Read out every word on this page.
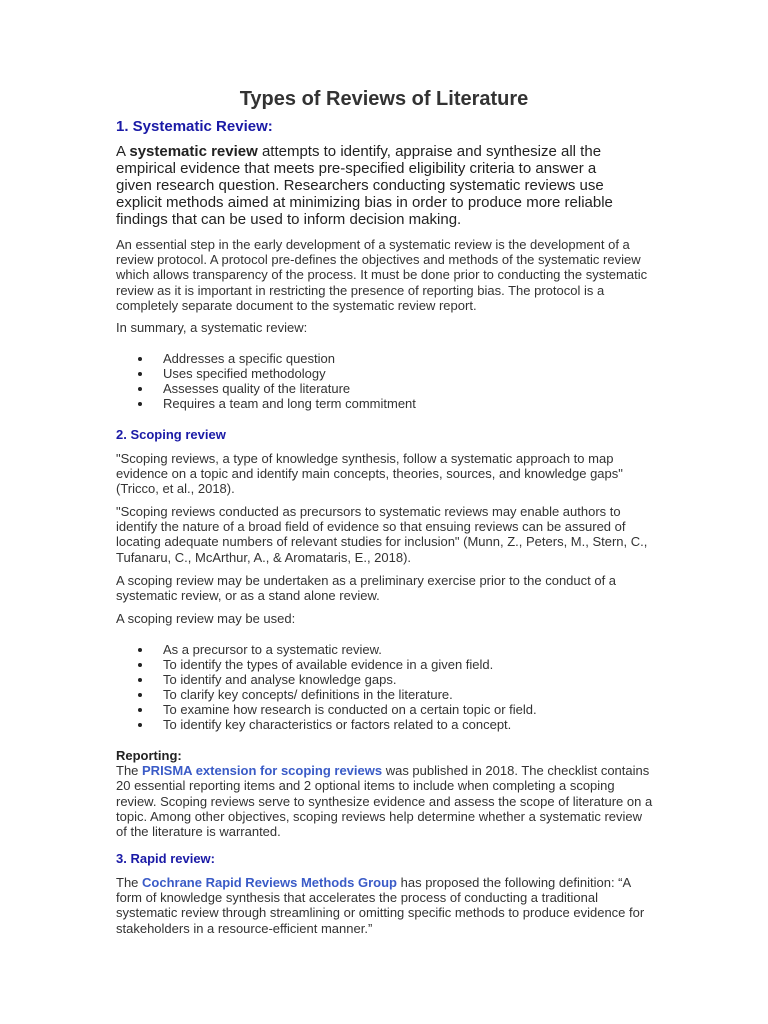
Types of Reviews of Literature
1. Systematic Review:

A systematic review attempts to identify, appraise and synthesize all the empirical evidence that meets pre-specified eligibility criteria to answer a given research question. Researchers conducting systematic reviews use explicit methods aimed at minimizing bias in order to produce more reliable findings that can be used to inform decision making.

An essential step in the early development of a systematic review is the development of a review protocol. A protocol pre-defines the objectives and methods of the systematic review which allows transparency of the process. It must be done prior to conducting the systematic review as it is important in restricting the presence of reporting bias. The protocol is a completely separate document to the systematic review report.

In summary, a systematic review:

Addresses a specific question
Uses specified methodology
Assesses quality of the literature
Requires a team and long term commitment
2. Scoping review

"Scoping reviews, a type of knowledge synthesis, follow a systematic approach to map evidence on a topic and identify main concepts, theories, sources, and knowledge gaps" (Tricco, et al., 2018).

"Scoping reviews conducted as precursors to systematic reviews may enable authors to identify the nature of a broad field of evidence so that ensuing reviews can be assured of locating adequate numbers of relevant studies for inclusion" (Munn, Z., Peters, M., Stern, C., Tufanaru, C., McArthur, A., & Aromataris, E., 2018).

A scoping review may be undertaken as a preliminary exercise prior to the conduct of a systematic review, or as a stand alone review.

A scoping review may be used:

As a precursor to a systematic review.
To identify the types of available evidence in a given field.
To identify and analyse knowledge gaps.
To clarify key concepts/ definitions in the literature.
To examine how research is conducted on a certain topic or field.
To identify key characteristics or factors related to a concept.

Reporting:
The PRISMA extension for scoping reviews was published in 2018. The checklist contains 20 essential reporting items and 2 optional items to include when completing a scoping review. Scoping reviews serve to synthesize evidence and assess the scope of literature on a topic. Among other objectives, scoping reviews help determine whether a systematic review of the literature is warranted.

3. Rapid review:

The Cochrane Rapid Reviews Methods Group has proposed the following definition: “A form of knowledge synthesis that accelerates the process of conducting a traditional systematic review through streamlining or omitting specific methods to produce evidence for stakeholders in a resource-efficient manner.”
